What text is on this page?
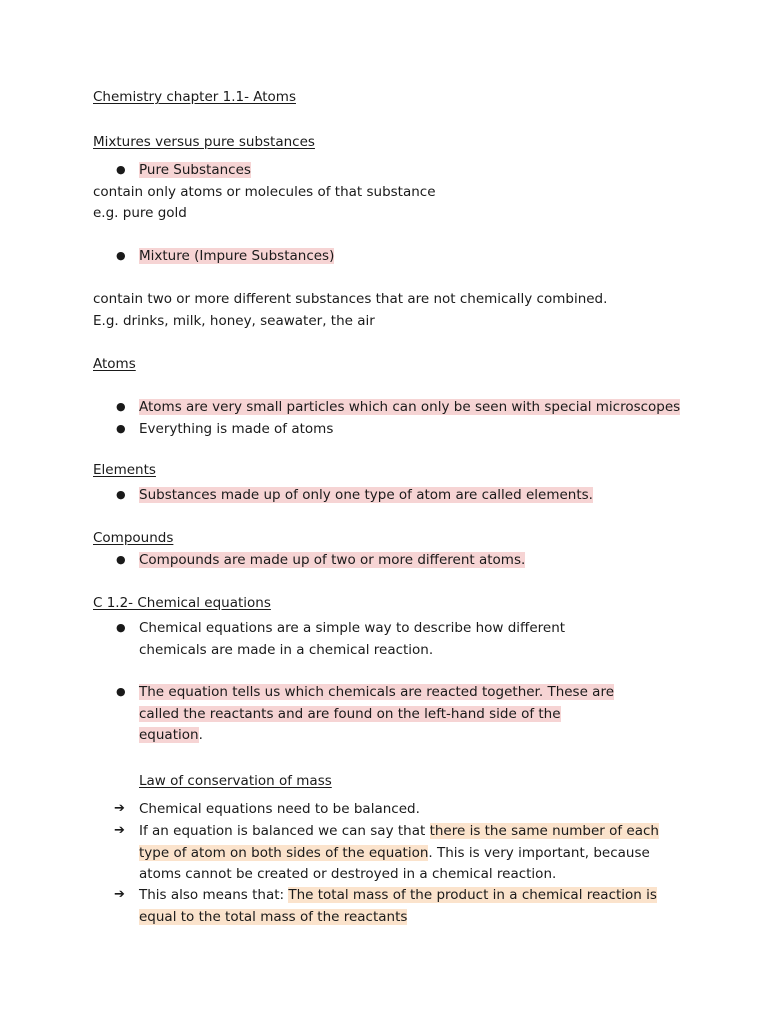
Chemistry chapter 1.1- Atoms
Mixtures versus pure substances
● Pure Substances
contain only atoms or molecules of that substance
e.g. pure gold
● Mixture (Impure Substances)
contain two or more different substances that are not chemically combined.
E.g. drinks, milk, honey, seawater, the air
Atoms
● Atoms are very small particles which can only be seen with special microscopes
● Everything is made of atoms
Elements
● Substances made up of only one type of atom are called elements.
Compounds
● Compounds are made up of two or more different atoms.
C 1.2- Chemical equations
● Chemical equations are a simple way to describe how different
chemicals are made in a chemical reaction.
● The equation tells us which chemicals are reacted together. These are
called the reactants and are found on the left-hand side of the
equation.
Law of conservation of mass
➔ Chemical equations need to be balanced.
➔ If an equation is balanced we can say that there is the same number of each
type of atom on both sides of the equation. This is very important, because
atoms cannot be created or destroyed in a chemical reaction.
➔ This also means that: The total mass of the product in a chemical reaction is
equal to the total mass of the reactants
